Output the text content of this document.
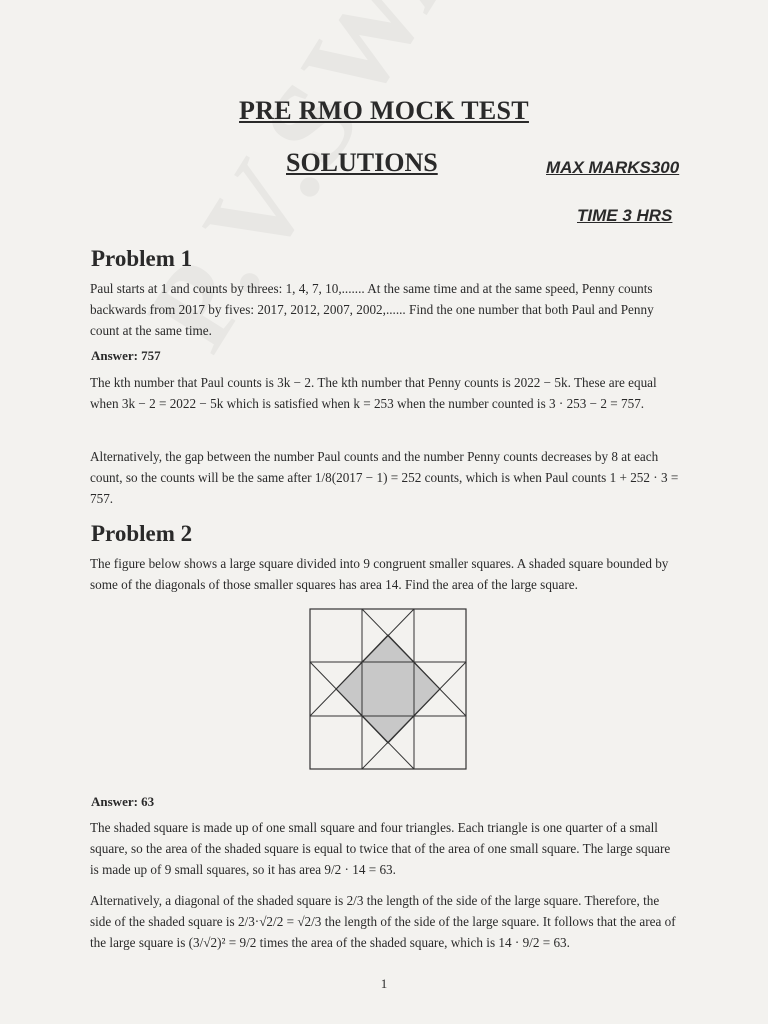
PRE RMO MOCK TEST
SOLUTIONS	MAX MARKS300
TIME 3 HRS
Problem 1
Paul starts at 1 and counts by threes: 1, 4, 7, 10,....... At the same time and at the same speed, Penny counts backwards from 2017 by fives: 2017, 2012, 2007, 2002,...... Find the one number that both Paul and Penny count at the same time.
Answer: 757
The kth number that Paul counts is 3k − 2. The kth number that Penny counts is 2022 − 5k. These are equal when 3k − 2 = 2022 − 5k which is satisfied when k = 253 when the number counted is 3 · 253 − 2 = 757.
Alternatively, the gap between the number Paul counts and the number Penny counts decreases by 8 at each count, so the counts will be the same after 1/8(2017 − 1) = 252 counts, which is when Paul counts 1 + 252 · 3 = 757.
Problem 2
The figure below shows a large square divided into 9 congruent smaller squares. A shaded square bounded by some of the diagonals of those smaller squares has area 14. Find the area of the large square.
Answer: 63
The shaded square is made up of one small square and four triangles. Each triangle is one quarter of a small square, so the area of the shaded square is equal to twice that of the area of one small square. The large square is made up of 9 small squares, so it has area 9/2 · 14 = 63.
Alternatively, a diagonal of the shaded square is 2/3 the length of the side of the large square. Therefore, the side of the shaded square is 2/3·√2/2 = √2/3 the length of the side of the large square. It follows that the area of the large square is (3/√2)² = 9/2 times the area of the shaded square, which is 14 · 9/2 = 63.
1
